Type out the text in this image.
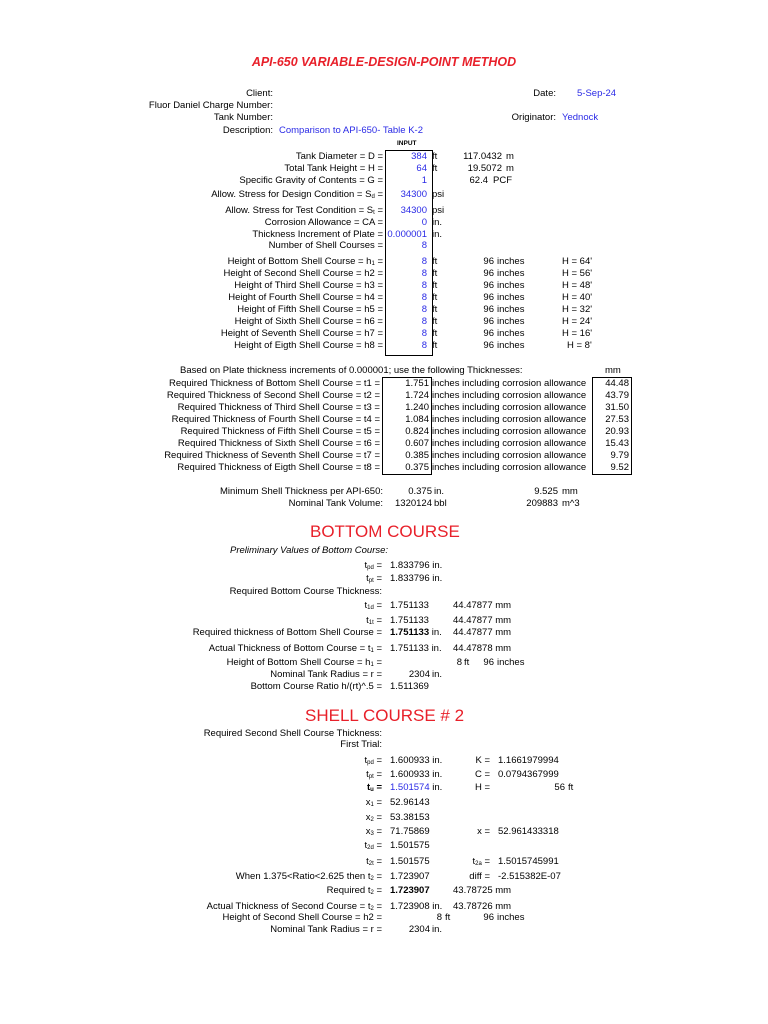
API-650 VARIABLE-DESIGN-POINT METHOD
Client:
Fluor Daniel Charge Number:
Tank Number:
Description: Comparison to API-650- Table K-2
Date: 5-Sep-24
Originator: Yednock
INPUT
Tank Diameter = D =	384 ft	117.0432 m
Total Tank Height = H =	64 ft	19.5072 m
Specific Gravity of Contents = G =	1	62.4 PCF
Allow. Stress for Design Condition = $S_d = 34300$ psi
Allow. Stress for Test Condition = $S_t = 34300$ psi
Corrosion Allowance = CA =	0 in.
Thickness Increment of Plate = 0.000001 in.
Number of Shell Courses =	8
Height of Bottom Shell Course = $h_1$ =	8 ft	96 inches	H = 64'
Height of Second Shell Course = h2 =	8 ft	96 inches	H = 56'
Height of Third Shell Course = h3 =	8 ft	96 inches	H = 48'
Height of Fourth Shell Course = h4 =	8 ft	96 inches	H = 40'
Height of Fifth Shell Course = h5 =	8 ft	96 inches	H = 32'
Height of Sixth Shell Course = h6 =	8 ft	96 inches	H = 24'
Height of Seventh Shell Course = h7 =	8 ft	96 inches	H = 16'
Height of Eigth Shell Course = h8 =	8 ft	96 inches	H = 8'
Based on Plate thickness increments of 0.000001; use the following Thicknesses:	mm
Required Thickness of Bottom Shell Course = t1 =	1.751 inches including corrosion allowance 44.48
Required Thickness of Second Shell Course = t2 =	1.724 inches including corrosion allowance 43.79
Required Thickness of Third Shell Course = t3 =	1.240 inches including corrosion allowance 31.50
Required Thickness of Fourth Shell Course = t4 =	1.084 inches including corrosion allowance 27.53
Required Thickness of Fifth Shell Course = t5 =	0.824 inches including corrosion allowance 20.93
Required Thickness of Sixth Shell Course = t6 =	0.607 inches including corrosion allowance 15.43
Required Thickness of Seventh Shell Course = t7 =	0.385 inches including corrosion allowance	9.79
Required Thickness of Eigth Shell Course = t8 =	0.375 inches including corrosion allowance	9.52
Minimum Shell Thickness per API-650:	0.375 in.	9.525 mm
Nominal Tank Volume: 1320124 bbl	209883 m^3
BOTTOM COURSE
Preliminary Values of Bottom Course:
$t_{pd} = 1.833796$ in.
$t_{pt} = 1.833796$ in.
Required Bottom Course Thickness:
$t_{1d} = 1.751133$	44.47877 mm
$t_{1t} = 1.751133$	44.47877 mm
Required thickness of Bottom Shell Course = 1.751133 in. 44.47877 mm
Actual Thickness of Bottom Course = $t_1 = 1.751133$ in. 44.47878 mm
Height of Bottom Shell Course = $h_1$ =	8 ft 96 inches
Nominal Tank Radius = r =	2304 in.
Bottom Course Ratio h/(rt)^.5 = 1.511369
SHELL COURSE # 2
Required Second Shell Course Thickness:
First Trial:
$t_{pd} = 1.600933$ in.	K = 1.1661979994
$t_{pt} = 1.600933$ in.	C = 0.0794367999
$t_u = 1.501574$ in.	H =	56 ft
$x_1 = 52.96143$
$x_2 = 53.38153$
$x_3 = 71.75869$	x = 52.961433318
$t_{2d} = 1.501575$
$t_{2t} = 1.501575$	$t_{2a} = 1.5015745991$
When 1.375<Ratio<2.625 then $t_2 = 1.723907$	diff = -2.515382E-07
Required $t_2 = 1.723907$ 43.78725 mm
Actual Thickness of Second Course = $t_2 = 1.723908$ in. 43.78726 mm
Height of Second Shell Course = h2 =	8 ft	96 inches
Nominal Tank Radius = r =	2304 in.
